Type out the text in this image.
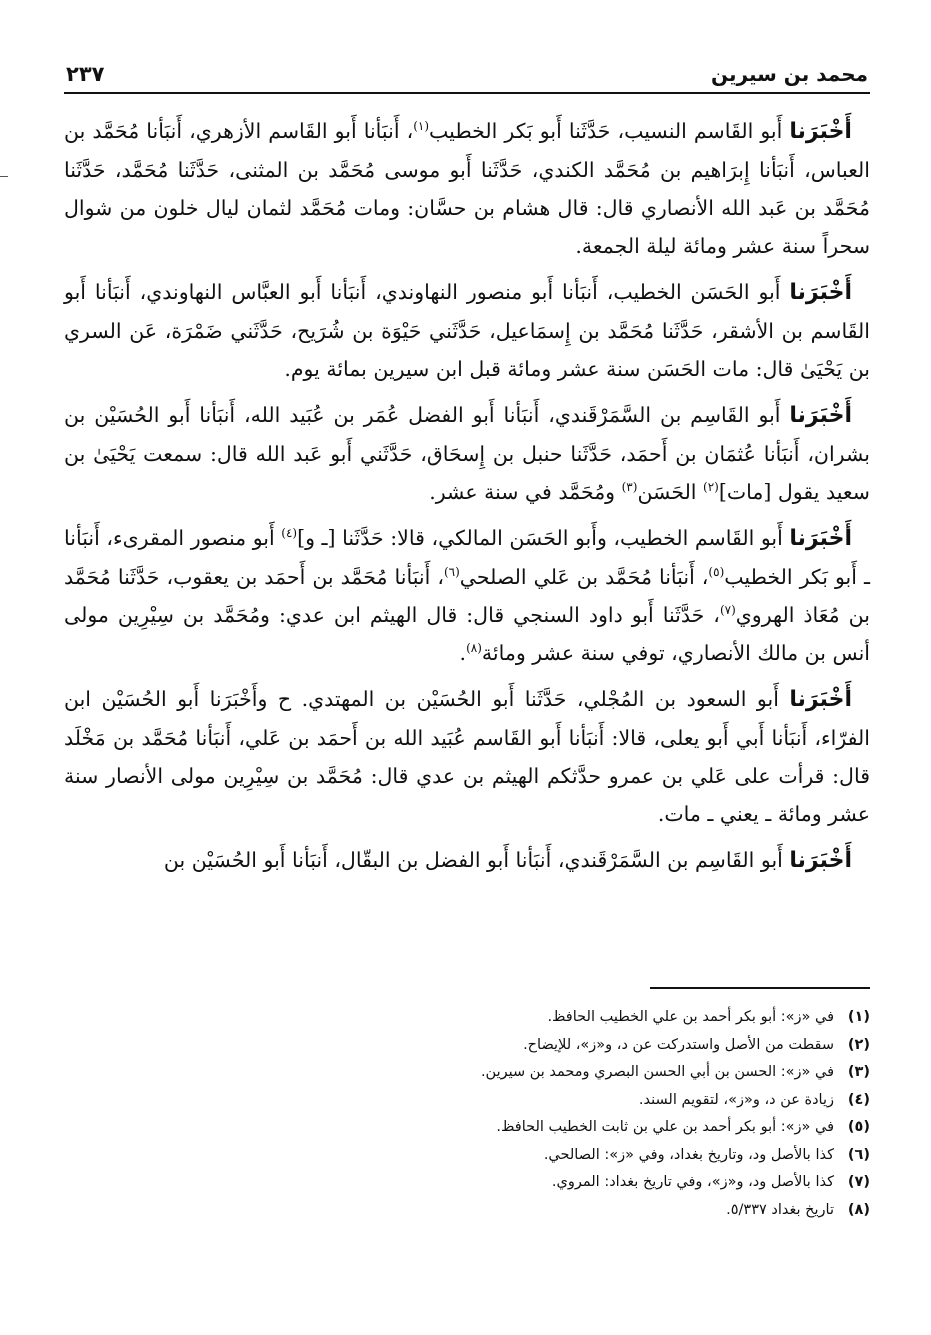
محمد بن سيرين
٢٣٧

أَخْبَرَنا أَبو القَاسم النسيب، حَدَّثَنا أَبو بَكر الخطيب$^{(١)}$، أَنبَأنا أَبو القَاسم الأزهري، أَنبَأنا مُحَمَّد بن العباس، أَنبَأنا إِبرَاهيم بن مُحَمَّد الكندي، حَدَّثَنا أَبو موسى مُحَمَّد بن المثنى، حَدَّثَنا مُحَمَّد، حَدَّثَنا مُحَمَّد بن عَبد الله الأنصاري قال: قال هشام بن حسَّان: ومات مُحَمَّد لثمان ليال خلون من شوال سحراً سنة عشر ومائة ليلة الجمعة.

أَخْبَرَنا أَبو الحَسَن الخطيب، أَنبَأنا أَبو منصور النهاوندي، أَنبَأنا أَبو العبَّاس النهاوندي، أَنبَأنا أَبو القَاسم بن الأشقر، حَدَّثَنا مُحَمَّد بن إِسمَاعيل، حَدَّثَني حَيْوَة بن شُرَيح، حَدَّثَني ضَمْرَة، عَن السري بن يَحْيَىٰ قال: مات الحَسَن سنة عشر ومائة قبل ابن سيرين بمائة يوم.

أَخْبَرَنا أَبو القَاسِم بن السَّمَرْقَندي، أَنبَأنا أَبو الفضل عُمَر بن عُبَيد الله، أَنبَأنا أَبو الحُسَيْن بن بشران، أَنبَأنا عُثمَان بن أَحمَد، حَدَّثَنا حنبل بن إِسحَاق، حَدَّثَني أَبو عَبد الله قال: سمعت يَحْيَىٰ بن سعيد يقول [مات]$^{(٢)}$ الحَسَن$^{(٣)}$ ومُحَمَّد في سنة عشر.

أَخْبَرَنا أَبو القَاسم الخطيب، وأَبو الحَسَن المالكي، قالا: حَدَّثَنا [ـ و]$^{(٤)}$ أَبو منصور المقرىء، أَنبَأنا ـ أَبو بَكر الخطيب$^{(٥)}$، أَنبَأنا مُحَمَّد بن عَلي الصلحي$^{(٦)}$، أَنبَأنا مُحَمَّد بن أَحمَد بن يعقوب، حَدَّثَنا مُحَمَّد بن مُعَاذ الهروي$^{(٧)}$، حَدَّثَنا أَبو داود السنجي قال: قال الهيثم ابن عدي: ومُحَمَّد بن سِيْرِين مولى أنس بن مالك الأنصاري، توفي سنة عشر ومائة$^{(٨)}$.

أَخْبَرَنا أَبو السعود بن المُجْلي، حَدَّثَنا أَبو الحُسَيْن بن المهتدي. ح وأَخْبَرَنا أَبو الحُسَيْن ابن الفرّاء، أَنبَأنا أَبي أَبو يعلى، قالا: أَنبَأنا أَبو القَاسم عُبَيد الله بن أَحمَد بن عَلي، أَنبَأنا مُحَمَّد بن مَخْلَد قال: قرأت على عَلي بن عمرو حدَّثكم الهيثم بن عدي قال: مُحَمَّد بن سِيْرِين مولى الأنصار سنة عشر ومائة ـ يعني ـ مات.

أَخْبَرَنا أَبو القَاسِم بن السَّمَرْقَندي، أَنبَأنا أَبو الفضل بن البقّال، أَنبَأنا أَبو الحُسَيْن بن

(١)
في «ز»: أبو بكر أحمد بن علي الخطيب الحافظ.
(٢)
سقطت من الأصل واستدركت عن د، و«ز»، للإيضاح.
(٣)
في «ز»: الحسن بن أبي الحسن البصري ومحمد بن سيرين.
(٤)
زيادة عن د، و«ز»، لتقويم السند.
(٥)
في «ز»: أبو بكر أحمد بن علي بن ثابت الخطيب الحافظ.
(٦)
كذا بالأصل ود، وتاريخ بغداد، وفي «ز»: الصالحي.
(٧)
كذا بالأصل ود، و«ز»، وفي تاريخ بغداد: المروي.
(٨)
تاريخ بغداد ٥/٣٣٧.
